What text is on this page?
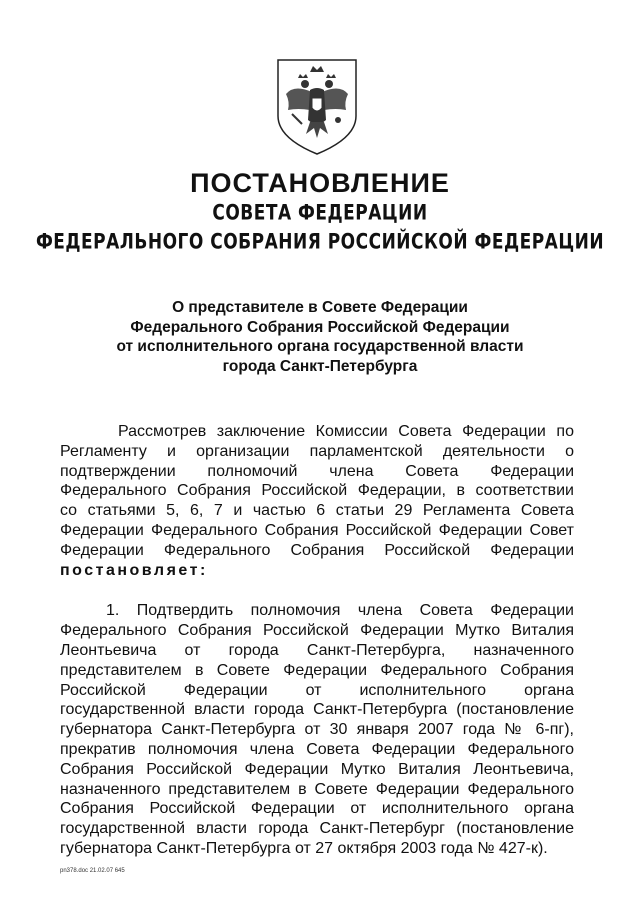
ПОСТАНОВЛЕНИЕ
СОВЕТА ФЕДЕРАЦИИ
ФЕДЕРАЛЬНОГО СОБРАНИЯ РОССИЙСКОЙ ФЕДЕРАЦИИ
О представителе в Совете Федерации
Федерального Собрания Российской Федерации
от исполнительного органа государственной власти
города Санкт-Петербурга
Рассмотрев заключение Комиссии Совета Федерации по
Регламенту и организации парламентской деятельности о
подтверждении полномочий члена Совета Федерации
Федерального Собрания Российской Федерации, в соответствии
со статьями 5, 6, 7 и частью 6 статьи 29 Регламента Совета
Федерации Федерального Собрания Российской Федерации Совет
Федерации Федерального Собрания Российской Федерации
постановляет:
1. Подтвердить полномочия члена Совета Федерации
Федерального Собрания Российской Федерации Мутко Виталия
Леонтьевича от города Санкт-Петербурга, назначенного
представителем в Совете Федерации Федерального Собрания
Российской Федерации от исполнительного органа
государственной власти города Санкт-Петербурга (постановление
губернатора Санкт-Петербурга от 30 января 2007 года № 6-пг),
прекратив полномочия члена Совета Федерации Федерального
Собрания Российской Федерации Мутко Виталия Леонтьевича,
назначенного представителем в Совете Федерации Федерального
Собрания Российской Федерации от исполнительного органа
государственной власти города Санкт-Петербург (постановление
губернатора Санкт-Петербурга от 27 октября 2003 года № 427-к).
pn378.doc 21.02.07 645
